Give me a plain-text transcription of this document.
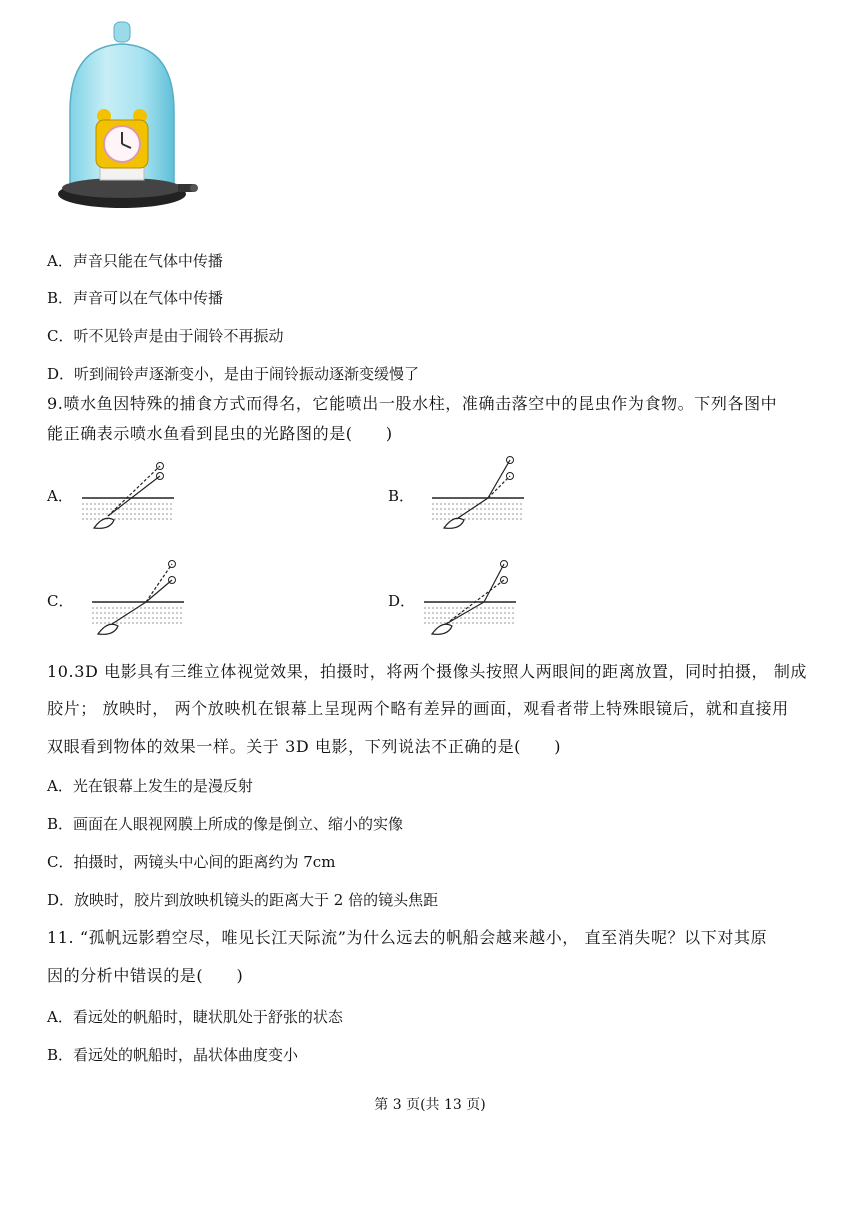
A．声音只能在气体中传播
B．声音可以在气体中传播
C．听不见铃声是由于闹铃不再振动
D．听到闹铃声逐渐变小，是由于闹铃振动逐渐变缓慢了
9.喷水鱼因特殊的捕食方式而得名，它能喷出一股水柱，准确击落空中的昆虫作为食物。下列各图中
能正确表示喷水鱼看到昆虫的光路图的是(　　)
A．	B．
C．	D．
10.3D 电影具有三维立体视觉效果，拍摄时，将两个摄像头按照人两眼间的距离放置，同时拍摄， 制成
胶片； 放映时， 两个放映机在银幕上呈现两个略有差异的画面，观看者带上特殊眼镜后，就和直接用
双眼看到物体的效果一样。关于 3D 电影，下列说法不正确的是(　　)
A．光在银幕上发生的是漫反射
B．画面在人眼视网膜上所成的像是倒立、缩小的实像
C．拍摄时，两镜头中心间的距离约为 7cm
D．放映时，胶片到放映机镜头的距离大于 2 倍的镜头焦距
11. “孤帆远影碧空尽，唯见长江天际流”为什么远去的帆船会越来越小， 直至消失呢？以下对其原
因的分析中错误的是(　　)
A．看远处的帆船时，睫状肌处于舒张的状态
B．看远处的帆船时，晶状体曲度变小
第 3 页(共 13 页)
